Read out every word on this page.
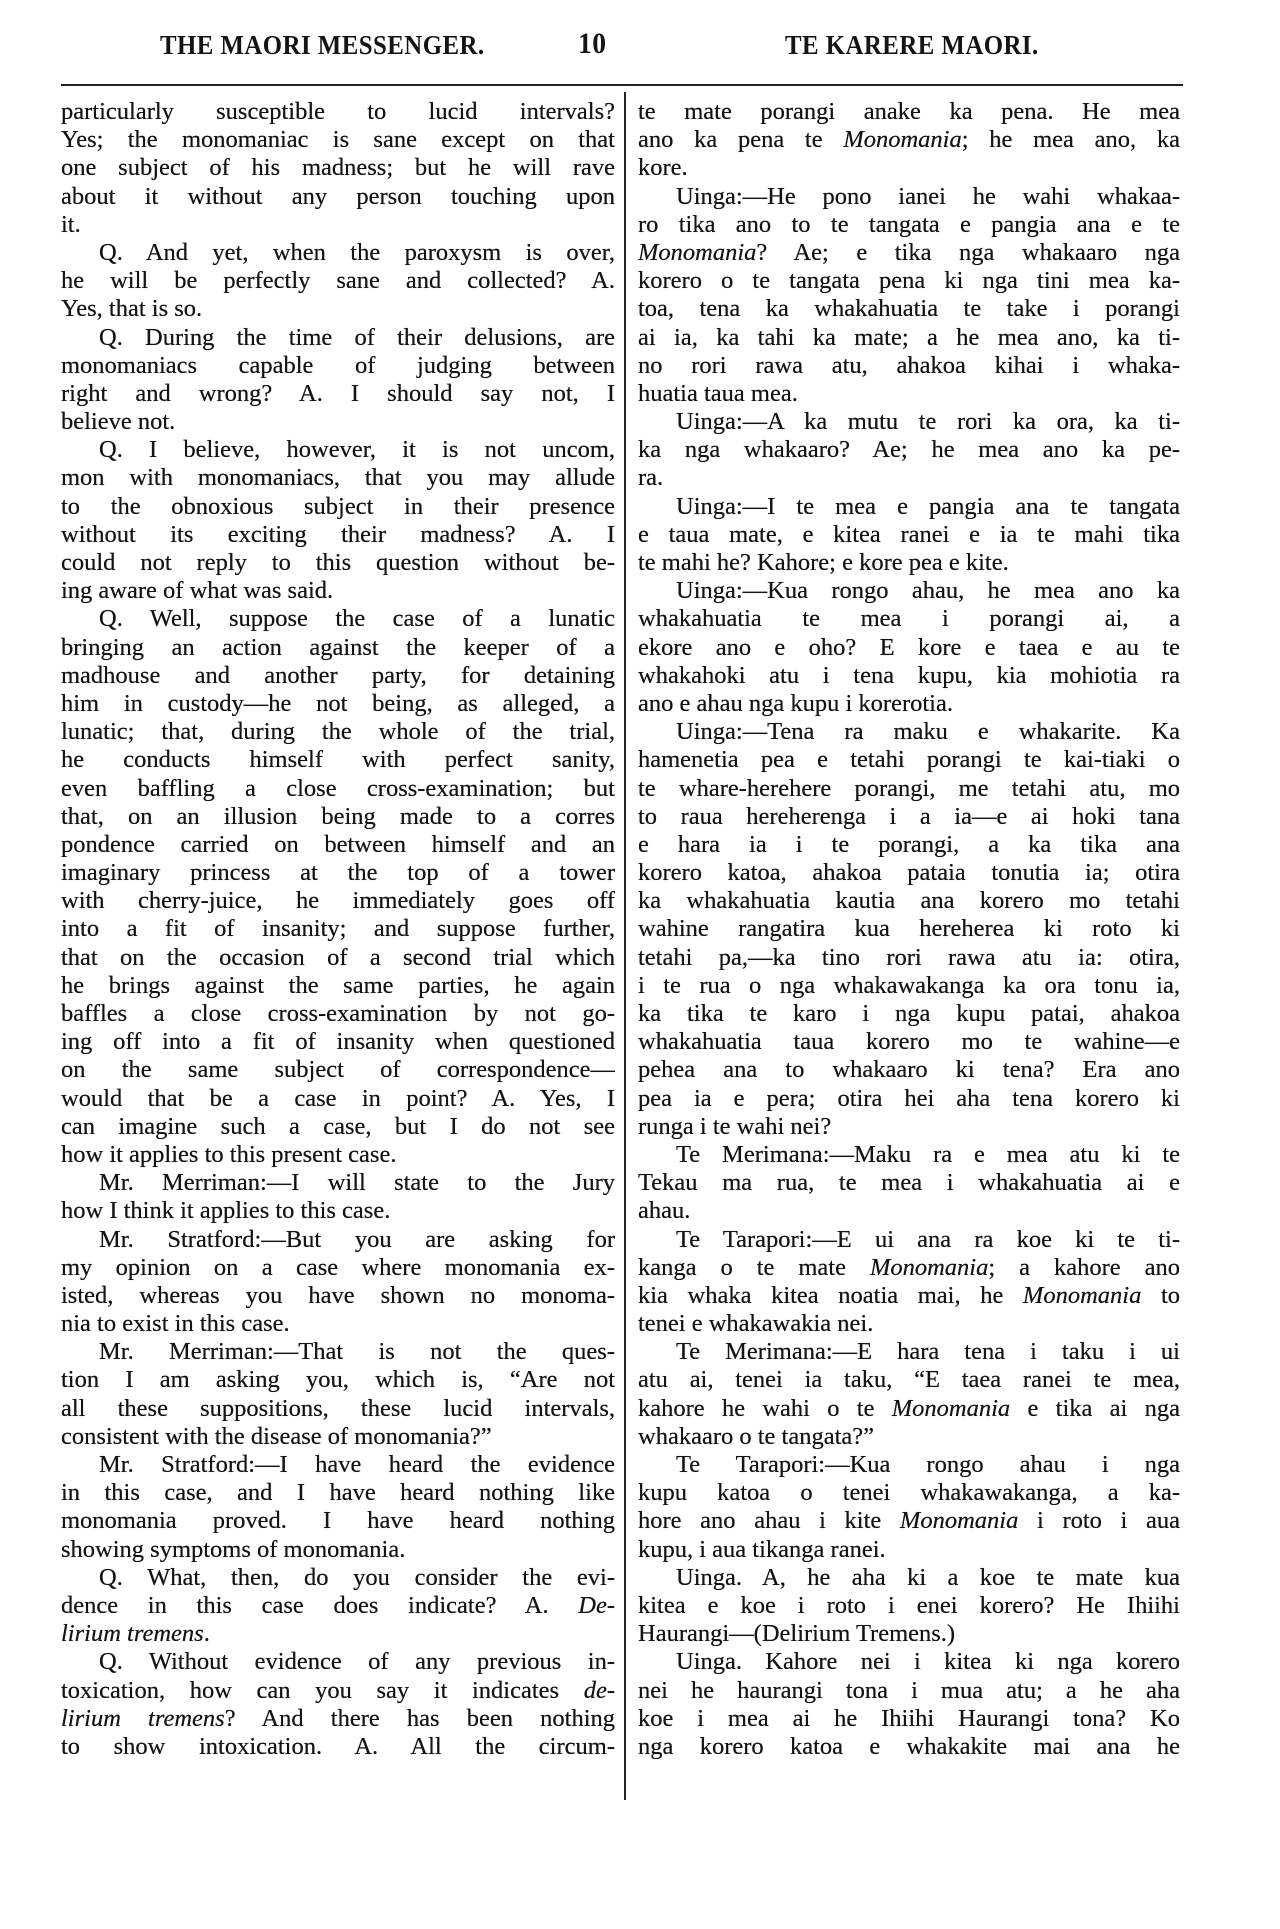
THE MAORI MESSENGER.	10	TE KARERE MAORI.
particularly susceptible to lucid intervals?
Yes; the monomaniac is sane except on that
one subject of his madness; but he will rave
about it without any person touching upon
it.
Q. And yet, when the paroxysm is over,
he will be perfectly sane and collected? A.
Yes, that is so.
Q. During the time of their delusions, are
monomaniacs capable of judging between
right and wrong? A. I should say not, I
believe not.
Q. I believe, however, it is not uncom,
mon with monomaniacs, that you may allude
to the obnoxious subject in their presence
without its exciting their madness? A. I
could not reply to this question without be-
ing aware of what was said.
Q. Well, suppose the case of a lunatic
bringing an action against the keeper of a
madhouse and another party, for detaining
him in custody—he not being, as alleged, a
lunatic; that, during the whole of the trial,
he conducts himself with perfect sanity,
even baffling a close cross-examination; but
that, on an illusion being made to a corres
pondence carried on between himself and an
imaginary princess at the top of a tower
with cherry-juice, he immediately goes off
into a fit of insanity; and suppose further,
that on the occasion of a second trial which
he brings against the same parties, he again
baffles a close cross-examination by not go-
ing off into a fit of insanity when questioned
on the same subject of correspondence—
would that be a case in point? A. Yes, I
can imagine such a case, but I do not see
how it applies to this present case.
Mr. Merriman:—I will state to the Jury
how I think it applies to this case.
Mr. Stratford:—But you are asking for
my opinion on a case where monomania ex-
isted, whereas you have shown no monoma-
nia to exist in this case.
Mr. Merriman:—That is not the ques-
tion I am asking you, which is, “Are not
all these suppositions, these lucid intervals,
consistent with the disease of monomania?”
Mr. Stratford:—I have heard the evidence
in this case, and I have heard nothing like
monomania proved. I have heard nothing
showing symptoms of monomania.
Q. What, then, do you consider the evi-
dence in this case does indicate? A. De-
lirium tremens.
Q. Without evidence of any previous in-
toxication, how can you say it indicates de-
lirium tremens? And there has been nothing
to show intoxication. A. All the circum-
te mate porangi anake ka pena. He mea
ano ka pena te Monomania; he mea ano, ka
kore.
Uinga:—He pono ianei he wahi whakaa-
ro tika ano to te tangata e pangia ana e te
Monomania? Ae; e tika nga whakaaro nga
korero o te tangata pena ki nga tini mea ka-
toa, tena ka whakahuatia te take i porangi
ai ia, ka tahi ka mate; a he mea ano, ka ti-
no rori rawa atu, ahakoa kihai i whaka-
huatia taua mea.
Uinga:—A ka mutu te rori ka ora, ka ti-
ka nga whakaaro? Ae; he mea ano ka pe-
ra.
Uinga:—I te mea e pangia ana te tangata
e taua mate, e kitea ranei e ia te mahi tika
te mahi he? Kahore; e kore pea e kite.
Uinga:—Kua rongo ahau, he mea ano ka
whakahuatia te mea i porangi ai, a
ekore ano e oho? E kore e taea e au te
whakahoki atu i tena kupu, kia mohiotia ra
ano e ahau nga kupu i korerotia.
Uinga:—Tena ra maku e whakarite. Ka
hamenetia pea e tetahi porangi te kai-tiaki o
te whare-herehere porangi, me tetahi atu, mo
to raua hereherenga i a ia—e ai hoki tana
e hara ia i te porangi, a ka tika ana
korero katoa, ahakoa pataia tonutia ia; otira
ka whakahuatia kautia ana korero mo tetahi
wahine rangatira kua hereherea ki roto ki
tetahi pa,—ka tino rori rawa atu ia: otira,
i te rua o nga whakawakanga ka ora tonu ia,
ka tika te karo i nga kupu patai, ahakoa
whakahuatia taua korero mo te wahine—e
pehea ana to whakaaro ki tena? Era ano
pea ia e pera; otira hei aha tena korero ki
runga i te wahi nei?
Te Merimana:—Maku ra e mea atu ki te
Tekau ma rua, te mea i whakahuatia ai e
ahau.
Te Tarapori:—E ui ana ra koe ki te ti-
kanga o te mate Monomania; a kahore ano
kia whaka kitea noatia mai, he Monomania to
tenei e whakawakia nei.
Te Merimana:—E hara tena i taku i ui
atu ai, tenei ia taku, “E taea ranei te mea,
kahore he wahi o te Monomania e tika ai nga
whakaaro o te tangata?”
Te Tarapori:—Kua rongo ahau i nga
kupu katoa o tenei whakawakanga, a ka-
hore ano ahau i kite Monomania i roto i aua
kupu, i aua tikanga ranei.
Uinga. A, he aha ki a koe te mate kua
kitea e koe i roto i enei korero? He Ihiihi
Haurangi—(Delirium Tremens.)
Uinga. Kahore nei i kitea ki nga korero
nei he haurangi tona i mua atu; a he aha
koe i mea ai he Ihiihi Haurangi tona? Ko
nga korero katoa e whakakite mai ana he
